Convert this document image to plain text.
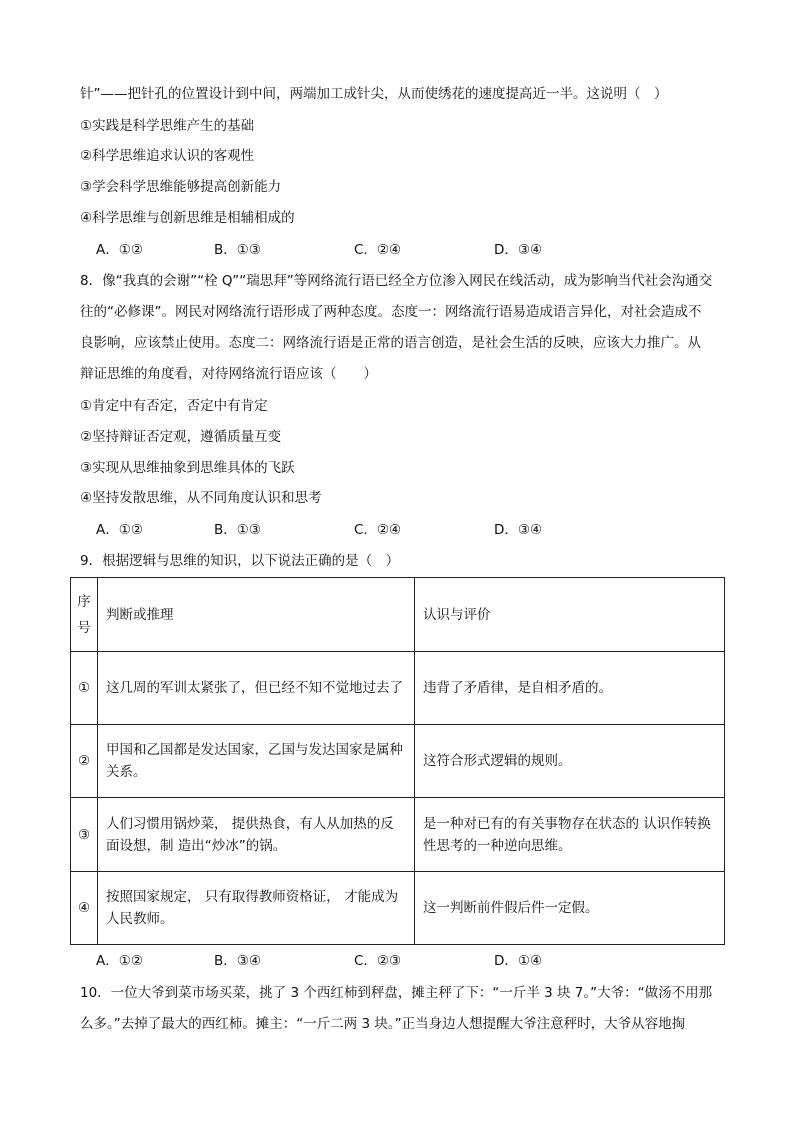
针”——把针孔的位置设计到中间，两端加工成针尖，从而使绣花的速度提高近一半。这说明（　）
①实践是科学思维产生的基础
②科学思维追求认识的客观性
③学会科学思维能够提高创新能力
④科学思维与创新思维是相辅相成的
A．①②	B．①③	C．②④	D．③④
8．像“我真的会谢”“栓 Q”“瑞思拜”等网络流行语已经全方位渗入网民在线活动，成为影响当代社会沟通交
往的“必修课”。网民对网络流行语形成了两种态度。态度一：网络流行语易造成语言异化，对社会造成不
良影响，应该禁止使用。态度二：网络流行语是正常的语言创造，是社会生活的反映，应该大力推广。从
辩证思维的角度看，对待网络流行语应该（　　）
①肯定中有否定，否定中有肯定
②坚持辩证否定观，遵循质量互变
③实现从思维抽象到思维具体的飞跃
④坚持发散思维，从不同角度认识和思考
A．①②	B．①③	C．②④	D．③④
9．根据逻辑与思维的知识，以下说法正确的是（　）
序号	判断或推理	认识与评价
①	这几周的军训太紧张了，但已经不知不觉地过去了	违背了矛盾律，是自相矛盾的。
②	甲国和乙国都是发达国家，乙国与发达国家是属种关系。	这符合形式逻辑的规则。
③	人们习惯用锅炒菜， 提供热食，有人从加热的反面设想，制 造出“炒冰”的锅。	是一种对已有的有关事物存在状态的 认识作转换性思考的一种逆向思维。
④	按照国家规定， 只有取得教师资格证， 才能成为人民教师。	这一判断前件假后件一定假。
A．①②	B．③④	C．②③	D．①④
10．一位大爷到菜市场买菜，挑了 3 个西红柿到秤盘，摊主秤了下：“一斤半 3 块 7。”大爷：“做汤不用那
么多。”去掉了最大的西红柿。摊主：“一斤二两 3 块。”正当身边人想提醒大爷注意秤时，大爷从容地掏
